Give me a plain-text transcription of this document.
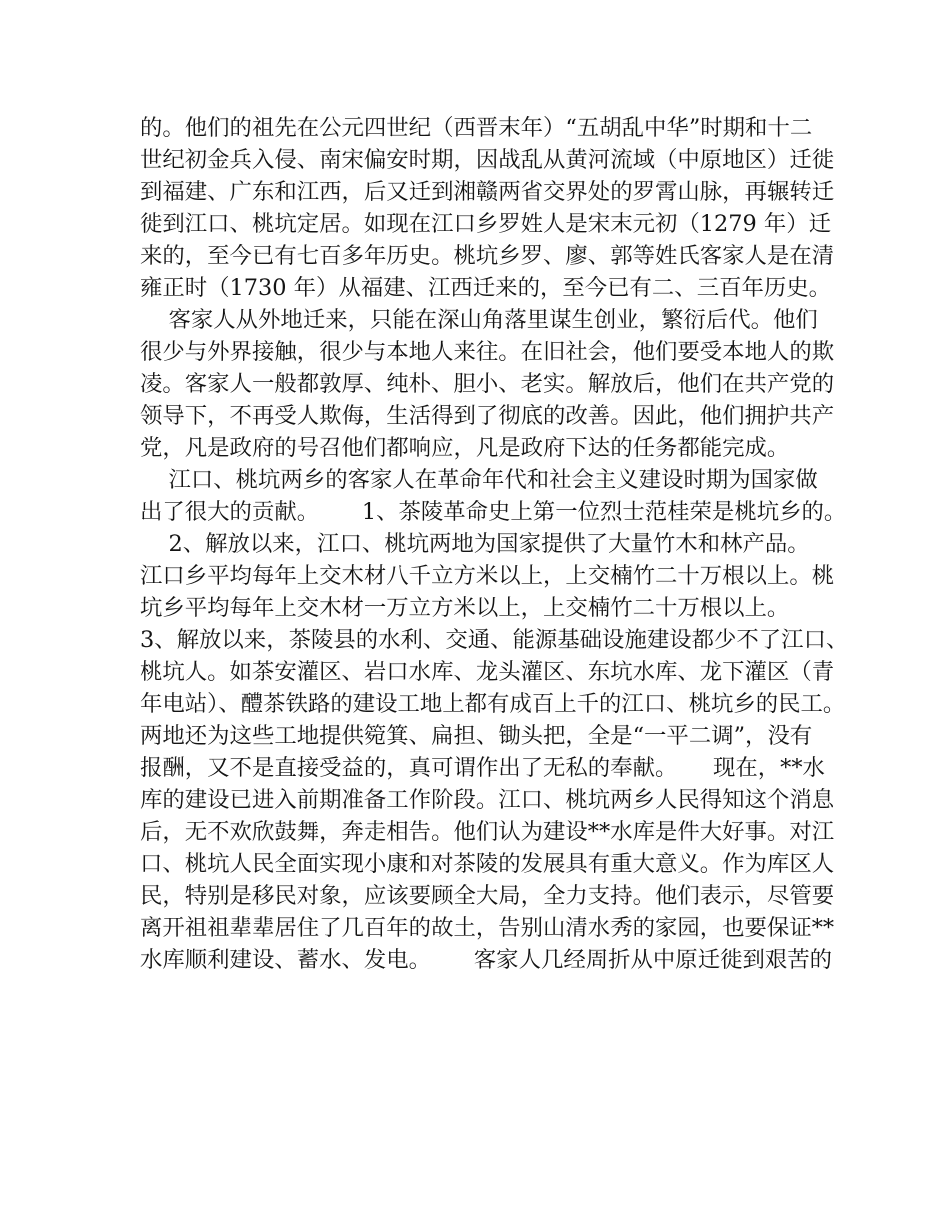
的。他们的祖先在公元四世纪（西晋末年）“五胡乱中华”时期和十二
世纪初金兵入侵、南宋偏安时期，因战乱从黄河流域（中原地区）迁徙
到福建、广东和江西，后又迁到湘赣两省交界处的罗霄山脉，再辗转迁
徙到江口、桃坑定居。如现在江口乡罗姓人是宋末元初（1279 年）迁
来的，至今已有七百多年历史。桃坑乡罗、廖、郭等姓氏客家人是在清
雍正时（1730 年）从福建、江西迁来的，至今已有二、三百年历史。
客家人从外地迁来，只能在深山角落里谋生创业，繁衍后代。他们
很少与外界接触，很少与本地人来往。在旧社会，他们要受本地人的欺
凌。客家人一般都敦厚、纯朴、胆小、老实。解放后，他们在共产党的
领导下，不再受人欺侮，生活得到了彻底的改善。因此，他们拥护共产
党，凡是政府的号召他们都响应，凡是政府下达的任务都能完成。
江口、桃坑两乡的客家人在革命年代和社会主义建设时期为国家做
出了很大的贡献。      1、茶陵革命史上第一位烈士范桂荣是桃坑乡的。
2、解放以来，江口、桃坑两地为国家提供了大量竹木和林产品。
江口乡平均每年上交木材八千立方米以上，上交楠竹二十万根以上。桃
坑乡平均每年上交木材一万立方米以上，上交楠竹二十万根以上。
3、解放以来，茶陵县的水利、交通、能源基础设施建设都少不了江口、
桃坑人。如茶安灌区、岩口水库、龙头灌区、东坑水库、龙下灌区（青
年电站）、醴茶铁路的建设工地上都有成百上千的江口、桃坑乡的民工。
两地还为这些工地提供箢箕、扁担、锄头把，全是“一平二调”，没有
报酬，又不是直接受益的，真可谓作出了无私的奉献。     现在，**水
库的建设已进入前期准备工作阶段。江口、桃坑两乡人民得知这个消息
后，无不欢欣鼓舞，奔走相告。他们认为建设**水库是件大好事。对江
口、桃坑人民全面实现小康和对茶陵的发展具有重大意义。作为库区人
民，特别是移民对象，应该要顾全大局，全力支持。他们表示，尽管要
离开祖祖辈辈居住了几百年的故土，告别山清水秀的家园，也要保证**
水库顺利建设、蓄水、发电。      客家人几经周折从中原迁徙到艰苦的
